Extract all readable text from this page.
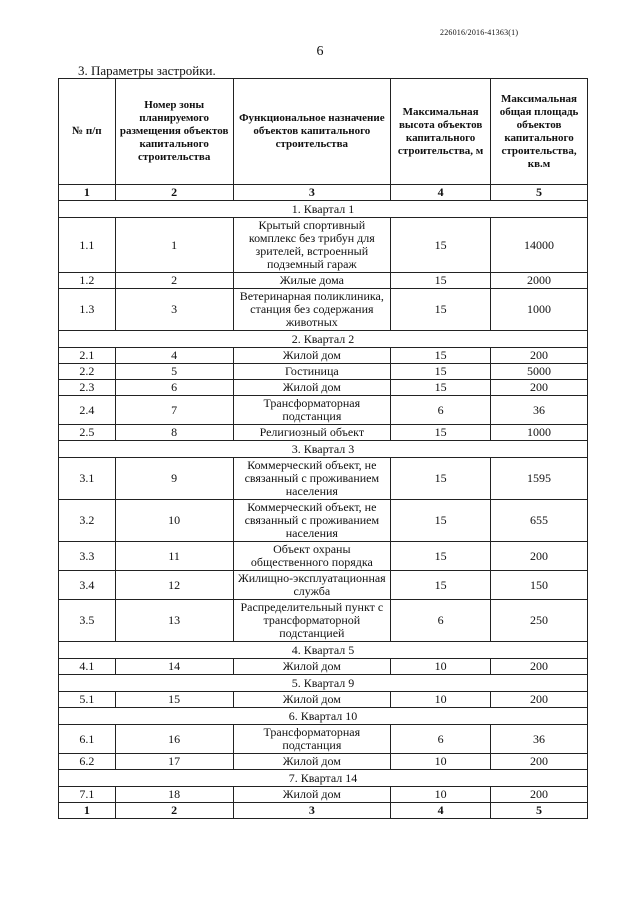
226016/2016-41363(1)
6
3. Параметры застройки.
№ п/п	Номер зоны планируемого размещения объектов капитального строительства	Функциональное назначение объектов капитального строительства	Максимальная высота объектов капитального строительства, м	Максимальная общая площадь объектов капитального строительства, кв.м
1	2	3	4	5
1. Квартал 1				
1.1	1	Крытый спортивный комплекс без трибун для зрителей, встроенный подземный гараж	15	14000
1.2	2	Жилые дома	15	2000
1.3	3	Ветеринарная поликлиника, станция без содержания животных	15	1000
2. Квартал 2				
2.1	4	Жилой дом	15	200
2.2	5	Гостиница	15	5000
2.3	6	Жилой дом	15	200
2.4	7	Трансформаторная подстанция	6	36
2.5	8	Религиозный объект	15	1000
3. Квартал 3				
3.1	9	Коммерческий объект, не связанный с проживанием населения	15	1595
3.2	10	Коммерческий объект, не связанный с проживанием населения	15	655
3.3	11	Объект охраны общественного порядка	15	200
3.4	12	Жилищно-эксплуатационная служба	15	150
3.5	13	Распределительный пункт с трансформаторной подстанцией	6	250
4. Квартал 5				
4.1	14	Жилой дом	10	200
5. Квартал 9				
5.1	15	Жилой дом	10	200
6. Квартал 10				
6.1	16	Трансформаторная подстанция	6	36
6.2	17	Жилой дом	10	200
7. Квартал 14				
7.1	18	Жилой дом	10	200
1	2	3	4	5
